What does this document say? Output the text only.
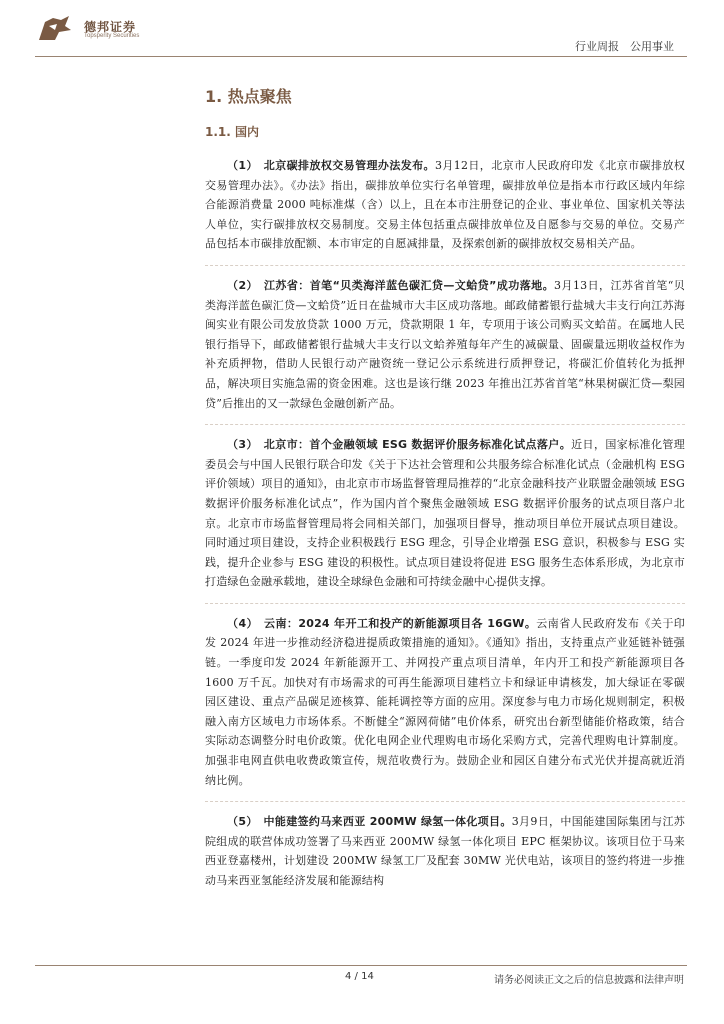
德邦证券
Topsperity Securities
行业周报　公用事业
1. 热点聚焦
1.1. 国内

（1）　北京碳排放权交易管理办法发布。3月12日，北京市人民政府印发《北京市碳排放权交易管理办法》。《办法》指出，碳排放单位实行名单管理，碳排放单位是指本市行政区域内年综合能源消费量 2000 吨标准煤（含）以上，且在本市注册登记的企业、事业单位、国家机关等法人单位，实行碳排放权交易制度。交易主体包括重点碳排放单位及自愿参与交易的单位。交易产品包括本市碳排放配额、本市审定的自愿减排量，及探索创新的碳排放权交易相关产品。

（2）　江苏省：首笔“贝类海洋蓝色碳汇贷—文蛤贷”成功落地。3月13日，江苏省首笔“贝类海洋蓝色碳汇贷—文蛤贷”近日在盐城市大丰区成功落地。邮政储蓄银行盐城大丰支行向江苏海闽实业有限公司发放贷款 1000 万元，贷款期限 1 年，专项用于该公司购买文蛤苗。在属地人民银行指导下，邮政储蓄银行盐城大丰支行以文蛤养殖每年产生的减碳量、固碳量远期收益权作为补充质押物，借助人民银行动产融资统一登记公示系统进行质押登记，将碳汇价值转化为抵押品，解决项目实施急需的资金困难。这也是该行继 2023 年推出江苏省首笔“林果树碳汇贷—梨园贷”后推出的又一款绿色金融创新产品。

（3）　北京市：首个金融领域 ESG 数据评价服务标准化试点落户。近日，国家标准化管理委员会与中国人民银行联合印发《关于下达社会管理和公共服务综合标准化试点（金融机构 ESG 评价领域）项目的通知》，由北京市市场监督管理局推荐的“北京金融科技产业联盟金融领域 ESG 数据评价服务标准化试点”，作为国内首个聚焦金融领域 ESG 数据评价服务的试点项目落户北京。北京市市场监督管理局将会同相关部门，加强项目督导，推动项目单位开展试点项目建设。同时通过项目建设，支持企业积极践行 ESG 理念，引导企业增强 ESG 意识，积极参与 ESG 实践，提升企业参与 ESG 建设的积极性。试点项目建设将促进 ESG 服务生态体系形成，为北京市打造绿色金融承载地，建设全球绿色金融和可持续金融中心提供支撑。

（4）　云南：2024 年开工和投产的新能源项目各 16GW。云南省人民政府发布《关于印发 2024 年进一步推动经济稳进提质政策措施的通知》。《通知》指出，支持重点产业延链补链强链。一季度印发 2024 年新能源开工、并网投产重点项目清单，年内开工和投产新能源项目各 1600 万千瓦。加快对有市场需求的可再生能源项目建档立卡和绿证申请核发，加大绿证在零碳园区建设、重点产品碳足迹核算、能耗调控等方面的应用。深度参与电力市场化规则制定，积极融入南方区域电力市场体系。不断健全“源网荷储”电价体系，研究出台新型储能价格政策，结合实际动态调整分时电价政策。优化电网企业代理购电市场化采购方式，完善代理购电计算制度。加强非电网直供电收费政策宣传，规范收费行为。鼓励企业和园区自建分布式光伏并提高就近消纳比例。

（5）　中能建签约马来西亚 200MW 绿氢一体化项目。3月9日，中国能建国际集团与江苏院组成的联营体成功签署了马来西亚 200MW 绿氢一体化项目 EPC 框架协议。该项目位于马来西亚登嘉楼州，计划建设 200MW 绿氢工厂及配套 30MW 光伏电站，该项目的签约将进一步推动马来西亚氢能经济发展和能源结构

4 / 14	请务必阅读正文之后的信息披露和法律声明
